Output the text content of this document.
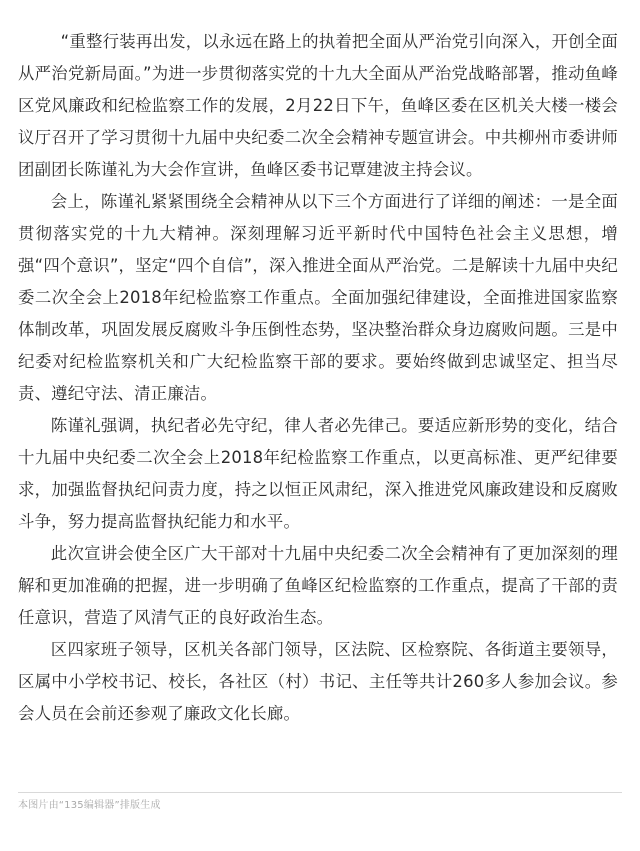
“重整行装再出发，以永远在路上的执着把全面从严治党引向深入，开创全面从严治党新局面。”为进一步贯彻落实党的十九大全面从严治党战略部署，推动鱼峰区党风廉政和纪检监察工作的发展，2月22日下午，鱼峰区委在区机关大楼一楼会议厅召开了学习贯彻十九届中央纪委二次全会精神专题宣讲会。中共柳州市委讲师团副团长陈谨礼为大会作宣讲，鱼峰区委书记覃建波主持会议。

会上，陈谨礼紧紧围绕全会精神从以下三个方面进行了详细的阐述：一是全面贯彻落实党的十九大精神。深刻理解习近平新时代中国特色社会主义思想，增强“四个意识”，坚定“四个自信”，深入推进全面从严治党。二是解读十九届中央纪委二次全会上2018年纪检监察工作重点。全面加强纪律建设，全面推进国家监察体制改革，巩固发展反腐败斗争压倒性态势，坚决整治群众身边腐败问题。三是中纪委对纪检监察机关和广大纪检监察干部的要求。要始终做到忠诚坚定、担当尽责、遵纪守法、清正廉洁。

陈谨礼强调，执纪者必先守纪，律人者必先律己。要适应新形势的变化，结合十九届中央纪委二次全会上2018年纪检监察工作重点，以更高标准、更严纪律要求，加强监督执纪问责力度，持之以恒正风肃纪，深入推进党风廉政建设和反腐败斗争，努力提高监督执纪能力和水平。

此次宣讲会使全区广大干部对十九届中央纪委二次全会精神有了更加深刻的理解和更加准确的把握，进一步明确了鱼峰区纪检监察的工作重点，提高了干部的责任意识，营造了风清气正的良好政治生态。

区四家班子领导，区机关各部门领导，区法院、区检察院、各街道主要领导，区属中小学校书记、校长，各社区（村）书记、主任等共计260多人参加会议。参会人员在会前还参观了廉政文化长廊。

本图片由“135编辑器”排版生成
